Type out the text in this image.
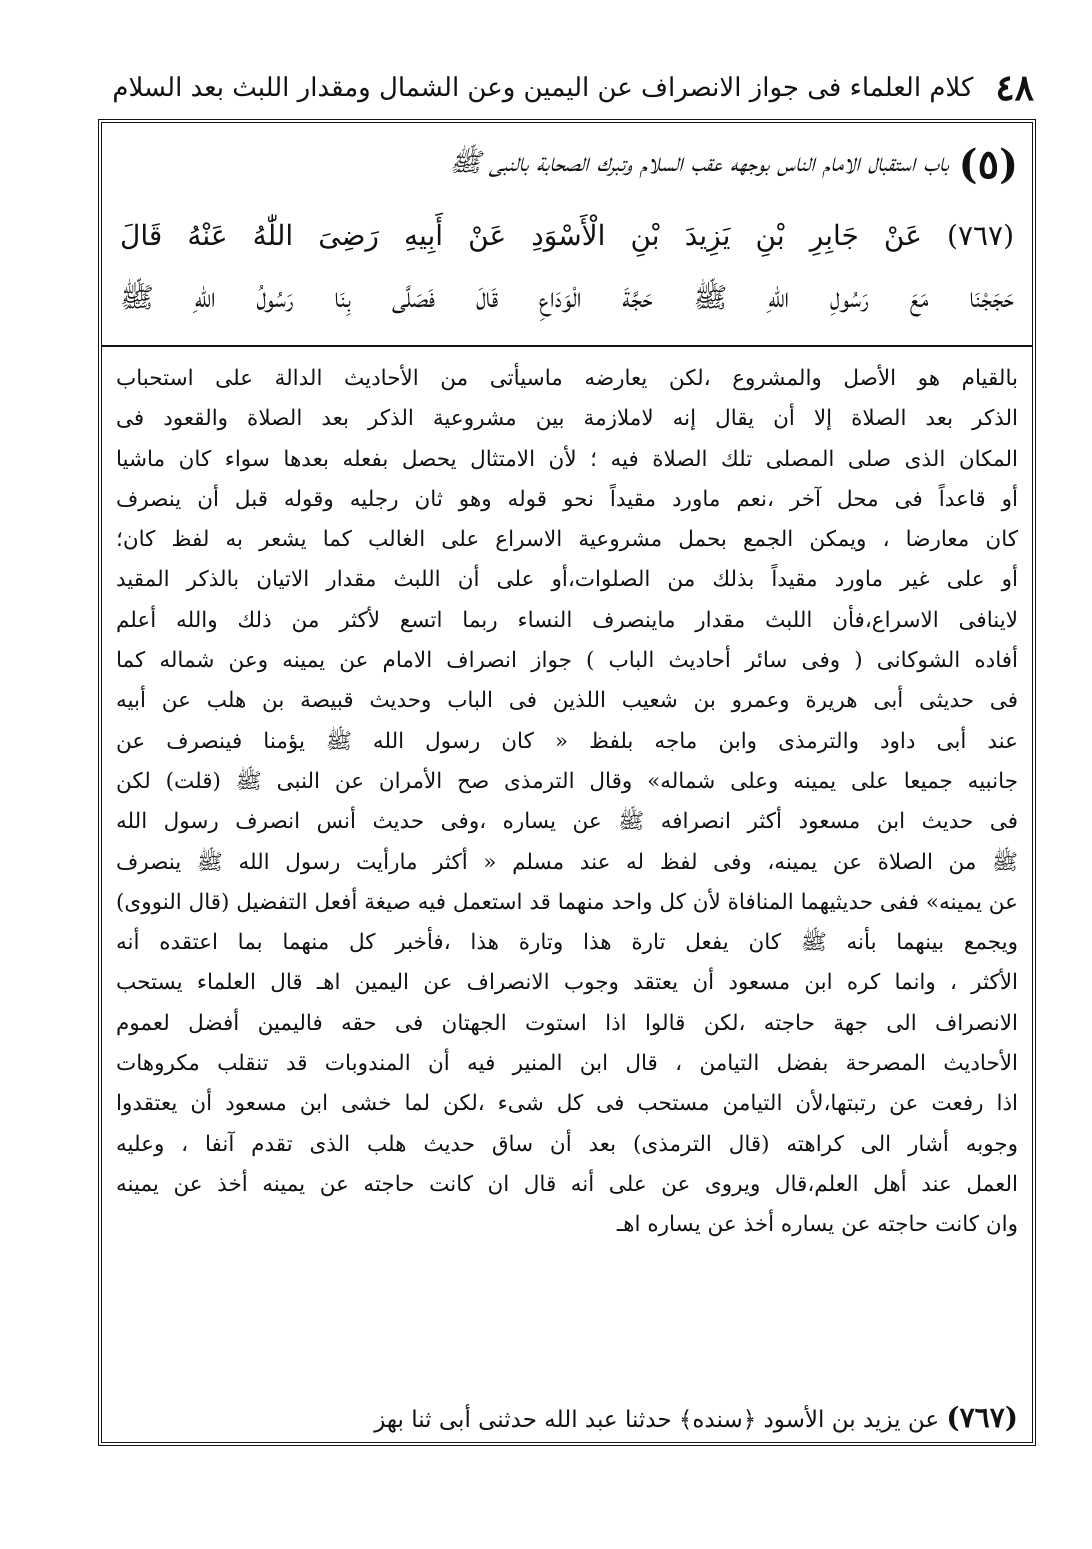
٤٨
كلام العلماء فى جواز الانصراف عن اليمين وعن الشمال ومقدار اللبث بعد السلام
(٥)
باب استقبال الامام الناس بوجهه عقب السلام وتبرك الصحابة بالنبى ﷺ
(٧٦٧) عَنْ جَابِرِ بْنِ يَزِيدَ بْنِ الْأَسْوَدِ عَنْ أَبِيهِ رَضِىَ اللّٰهُ عَنْهُ قَالَ
حَجَجْنَا مَعَ رَسُولِ اللّٰهِ ﷺ حَجَّةَ الْوَدَاعِ قَالَ فَصَلَّى بِنَا رَسُولُ اللّٰهِ ﷺ
بالقيام هو الأصل والمشروع ،لكن يعارضه ماسيأتى من الأحاديث الدالة على استحباب
الذكر بعد الصلاة إلا أن يقال إنه لاملازمة بين مشروعية الذكر بعد الصلاة والقعود فى
المكان الذى صلى المصلى تلك الصلاة فيه ؛ لأن الامتثال يحصل بفعله بعدها سواء كان ماشيا
أو قاعداً فى محل آخر ،نعم ماورد مقيداً نحو قوله وهو ثان رجليه وقوله قبل أن ينصرف
كان معارضا ، ويمكن الجمع بحمل مشروعية الاسراع على الغالب كما يشعر به لفظ كان؛
أو على غير ماورد مقيداً بذلك من الصلوات،أو على أن اللبث مقدار الاتيان بالذكر المقيد
لاينافى الاسراع،فأن اللبث مقدار ماينصرف النساء ربما اتسع لأكثر من ذلك والله أعلم
أفاده الشوكانى ( وفى سائر أحاديث الباب ) جواز انصراف الامام عن يمينه وعن شماله كما
فى حديثى أبى هريرة وعمرو بن شعيب اللذين فى الباب وحديث قبيصة بن هلب عن أبيه
عند أبى داود والترمذى وابن ماجه بلفظ « كان رسول الله ﷺ يؤمنا فينصرف عن
جانبيه جميعا على يمينه وعلى شماله» وقال الترمذى صح الأمران عن النبى ﷺ (قلت) لكن
فى حديث ابن مسعود أكثر انصرافه ﷺ عن يساره ،وفى حديث أنس انصرف رسول الله
ﷺ من الصلاة عن يمينه، وفى لفظ له عند مسلم « أكثر مارأيت رسول الله ﷺ ينصرف
عن يمينه» ففى حديثيهما المنافاة لأن كل واحد منهما قد استعمل فيه صيغة أفعل التفضيل (قال النووى)
ويجمع بينهما بأنه ﷺ كان يفعل تارة هذا وتارة هذا ،فأخبر كل منهما بما اعتقده أنه
الأكثر ، وانما كره ابن مسعود أن يعتقد وجوب الانصراف عن اليمين اهـ قال العلماء يستحب
الانصراف الى جهة حاجته ،لكن قالوا اذا استوت الجهتان فى حقه فاليمين أفضل لعموم
الأحاديث المصرحة بفضل التيامن ، قال ابن المنير فيه أن المندوبات قد تنقلب مكروهات
اذا رفعت عن رتبتها،لأن التيامن مستحب فى كل شىء ،لكن لما خشى ابن مسعود أن يعتقدوا
وجوبه أشار الى كراهته (قال الترمذى) بعد أن ساق حديث هلب الذى تقدم آنفا ، وعليه
العمل عند أهل العلم،قال ويروى عن على أنه قال ان كانت حاجته عن يمينه أخذ عن يمينه
وان كانت حاجته عن يساره أخذ عن يساره اهـ
(٧٦٧) عن يزيد بن الأسود ﴿سنده﴾ حدثنا عبد الله حدثنى أبى ثنا بهز
